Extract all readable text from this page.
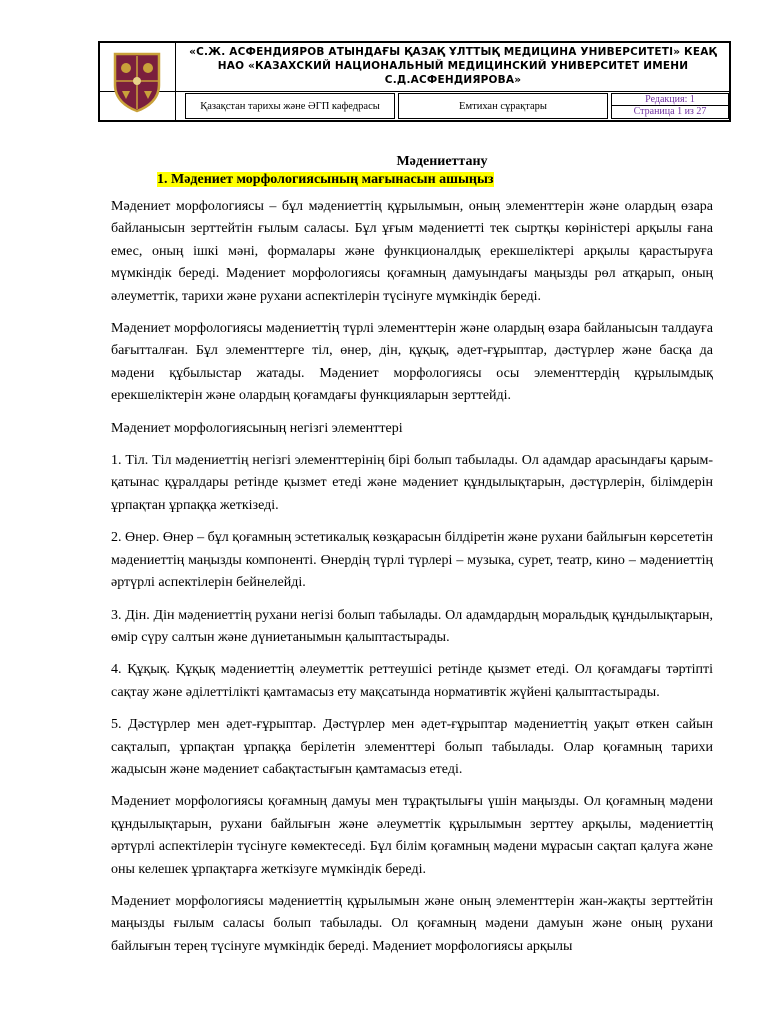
«С.Ж. АСФЕНДИЯРОВ АТЫНДАҒЫ ҚАЗАҚ ҰЛТТЫҚ МЕДИЦИНА УНИВЕРСИТЕТІ» КЕАҚ НАО «КАЗАХСКИЙ НАЦИОНАЛЬНЫЙ МЕДИЦИНСКИЙ УНИВЕРСИТЕТ ИМЕНИ С.Д.АСФЕНДИЯРОВА»
Қазақстан тарихы және ӘГП кафедрасы	Емтихан сұрақтары
Редакция: 1
Страница 1 из 27
Мәдениеттану
1. Мәдениет морфологиясының мағынасын ашыңыз

Мәдениет морфологиясы – бұл мәдениеттің құрылымын, оның элементтерін және олардың өзара байланысын зерттейтін ғылым саласы. Бұл ұғым мәдениетті тек сыртқы көріністері арқылы ғана емес, оның ішкі мәні, формалары және функционалдық ерекшеліктері арқылы қарастыруға мүмкіндік береді. Мәдениет морфологиясы қоғамның дамуындағы маңызды рөл атқарып, оның әлеуметтік, тарихи және рухани аспектілерін түсінуге мүмкіндік береді.

Мәдениет морфологиясы мәдениеттің түрлі элементтерін және олардың өзара байланысын талдауға бағытталған. Бұл элементтерге тіл, өнер, дін, құқық, әдет-ғұрыптар, дәстүрлер және басқа да мәдени құбылыстар жатады. Мәдениет морфологиясы осы элементтердің құрылымдық ерекшеліктерін және олардың қоғамдағы функцияларын зерттейді.

Мәдениет морфологиясының негізгі элементтері

1. Тіл. Тіл мәдениеттің негізгі элементтерінің бірі болып табылады. Ол адамдар арасындағы қарым-қатынас құралдары ретінде қызмет етеді және мәдениет құндылықтарын, дәстүрлерін, білімдерін ұрпақтан ұрпаққа жеткізеді.

2. Өнер. Өнер – бұл қоғамның эстетикалық көзқарасын білдіретін және рухани байлығын көрсететін мәдениеттің маңызды компоненті. Өнердің түрлі түрлері – музыка, сурет, театр, кино – мәдениеттің әртүрлі аспектілерін бейнелейді.

3. Дін. Дін мәдениеттің рухани негізі болып табылады. Ол адамдардың моральдық құндылықтарын, өмір сүру салтын және дүниетанымын қалыптастырады.

4. Құқық. Құқық мәдениеттің әлеуметтік реттеушісі ретінде қызмет етеді. Ол қоғамдағы тәртіпті сақтау және әділеттілікті қамтамасыз ету мақсатында нормативтік жүйені қалыптастырады.

5. Дәстүрлер мен әдет-ғұрыптар. Дәстүрлер мен әдет-ғұрыптар мәдениеттің уақыт өткен сайын сақталып, ұрпақтан ұрпаққа берілетін элементтері болып табылады. Олар қоғамның тарихи жадысын және мәдениет сабақтастығын қамтамасыз етеді.

Мәдениет морфологиясы қоғамның дамуы мен тұрақтылығы үшін маңызды. Ол қоғамның мәдени құндылықтарын, рухани байлығын және әлеуметтік құрылымын зерттеу арқылы, мәдениеттің әртүрлі аспектілерін түсінуге көмектеседі. Бұл білім қоғамның мәдени мұрасын сақтап қалуға және оны келешек ұрпақтарға жеткізуге мүмкіндік береді.

Мәдениет морфологиясы мәдениеттің құрылымын және оның элементтерін жан-жақты зерттейтін маңызды ғылым саласы болып табылады. Ол қоғамның мәдени дамуын және оның рухани байлығын терең түсінуге мүмкіндік береді. Мәдениет морфологиясы арқылы
